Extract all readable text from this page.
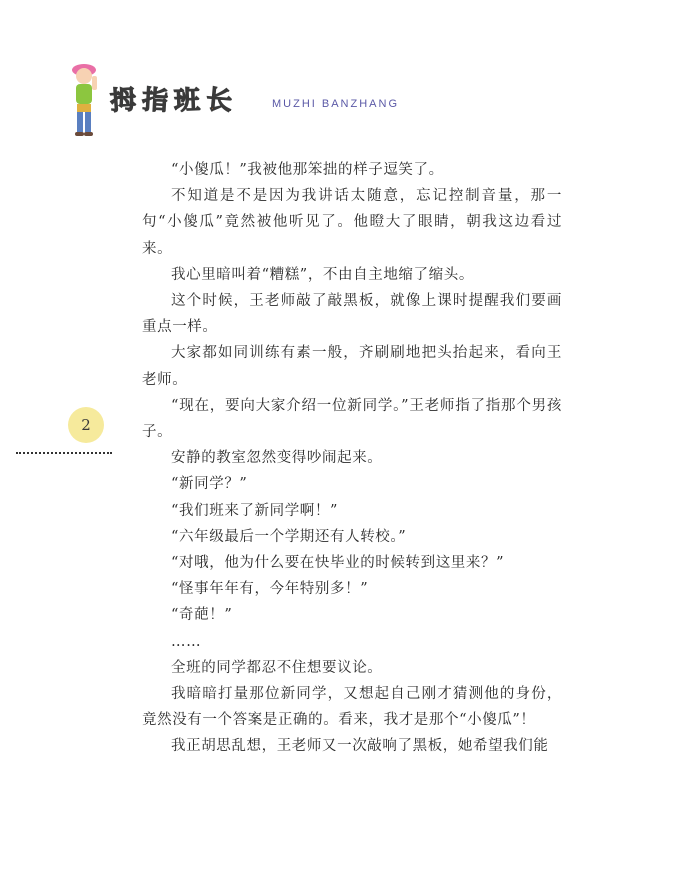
拇 指 班 长	MUZHI BANZHANG
2

“小傻瓜！”我被他那笨拙的样子逗笑了。

不知道是不是因为我讲话太随意，忘记控制音量，那一句“小傻瓜”竟然被他听见了。他瞪大了眼睛，朝我这边看过来。

我心里暗叫着“糟糕”，不由自主地缩了缩头。

这个时候，王老师敲了敲黑板，就像上课时提醒我们要画重点一样。

大家都如同训练有素一般，齐刷刷地把头抬起来，看向王老师。

“现在，要向大家介绍一位新同学。”王老师指了指那个男孩子。

安静的教室忽然变得吵闹起来。

“新同学？”

“我们班来了新同学啊！”

“六年级最后一个学期还有人转校。”

“对哦，他为什么要在快毕业的时候转到这里来？”

“怪事年年有，今年特别多！”

“奇葩！”

……

全班的同学都忍不住想要议论。

我暗暗打量那位新同学，又想起自己刚才猜测他的身份，竟然没有一个答案是正确的。看来，我才是那个“小傻瓜”！

我正胡思乱想，王老师又一次敲响了黑板，她希望我们能
